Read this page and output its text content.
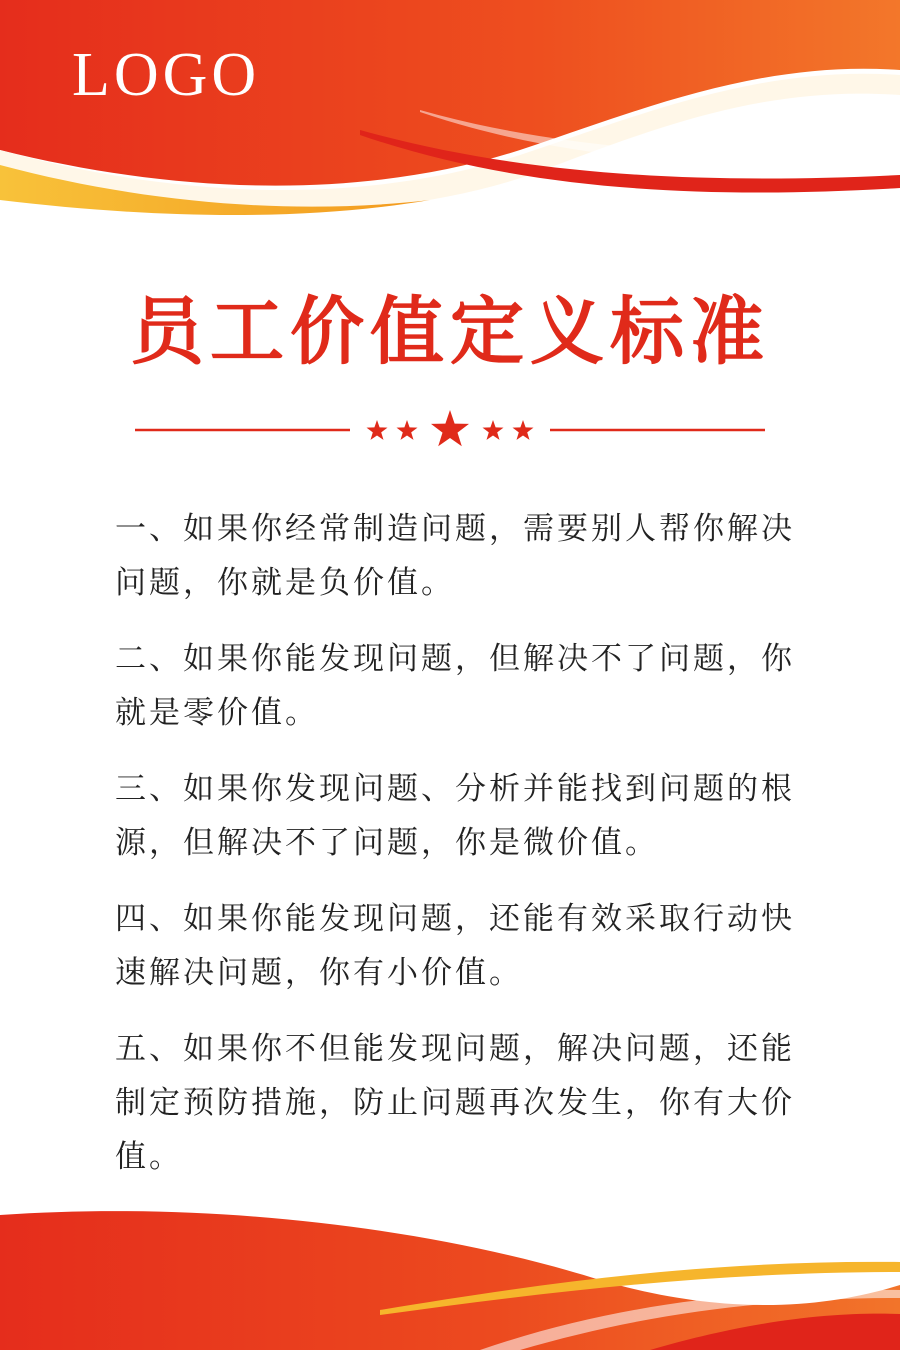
LOGO
员工价值定义标准

一、如果你经常制造问题，需要别人帮你解决问题，你就是负价值。

二、如果你能发现问题，但解决不了问题，你就是零价值。

三、如果你发现问题、分析并能找到问题的根源，但解决不了问题，你是微价值。

四、如果你能发现问题，还能有效采取行动快速解决问题，你有小价值。

五、如果你不但能发现问题，解决问题，还能制定预防措施，防止问题再次发生，你有大价值。
